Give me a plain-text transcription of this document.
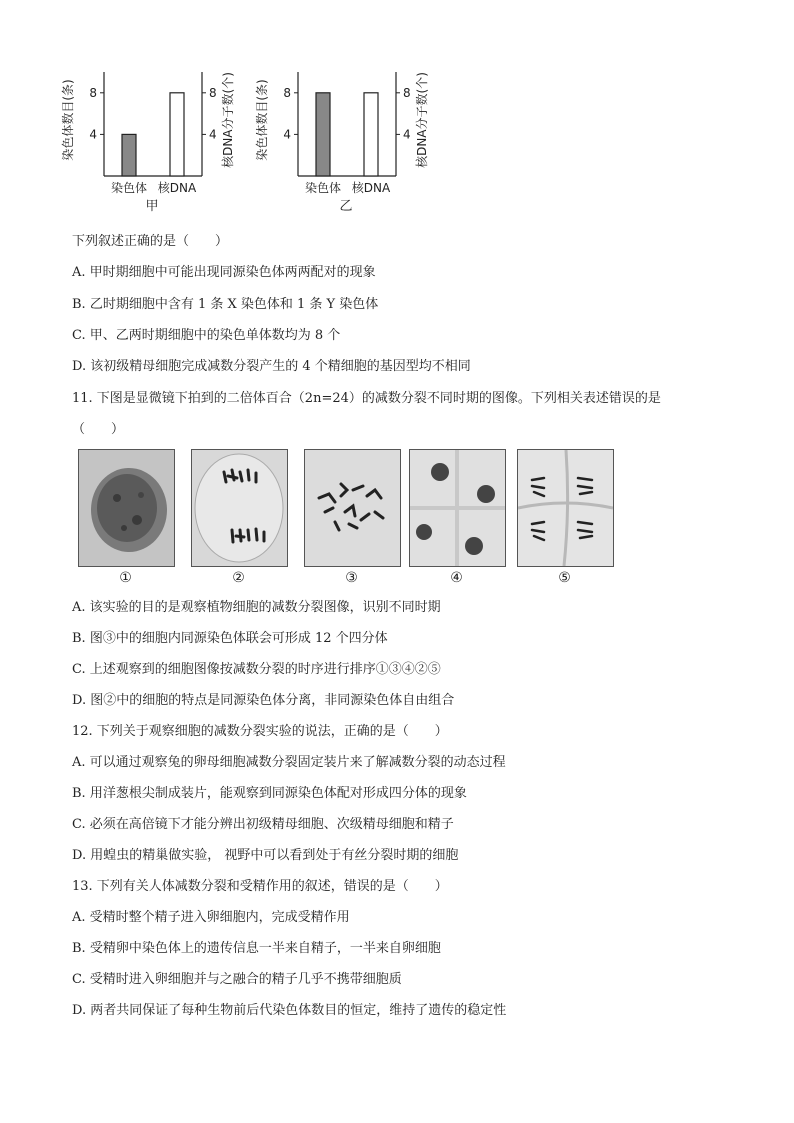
4	4
8	8
染色体数目(条)	核DNA分子数(个)
染色体 核DNA
甲
4	4
8	8
染色体数目(条)	核DNA分子数(个)
染色体 核DNA
乙
下列叙述正确的是（　　）
A. 甲时期细胞中可能出现同源染色体两两配对的现象
B. 乙时期细胞中含有 1 条 X 染色体和 1 条 Y 染色体
C. 甲、乙两时期细胞中的染色单体数均为 8 个
D. 该初级精母细胞完成减数分裂产生的 4 个精细胞的基因型均不相同
11. 下图是显微镜下拍到的二倍体百合（2n=24）的减数分裂不同时期的图像。下列相关表述错误的是
（　　）
①	②	③	④	⑤
A. 该实验的目的是观察植物细胞的减数分裂图像，识别不同时期
B. 图③中的细胞内同源染色体联会可形成 12 个四分体
C. 上述观察到的细胞图像按减数分裂的时序进行排序①③④②⑤
D. 图②中的细胞的特点是同源染色体分离，非同源染色体自由组合
12. 下列关于观察细胞的减数分裂实验的说法，正确的是（　　）
A. 可以通过观察兔的卵母细胞减数分裂固定装片来了解减数分裂的动态过程
B. 用洋葱根尖制成装片，能观察到同源染色体配对形成四分体的现象
C. 必须在高倍镜下才能分辨出初级精母细胞、次级精母细胞和精子
D. 用蝗虫的精巢做实验， 视野中可以看到处于有丝分裂时期的细胞
13. 下列有关人体减数分裂和受精作用的叙述，错误的是（　　）
A. 受精时整个精子进入卵细胞内，完成受精作用
B. 受精卵中染色体上的遗传信息一半来自精子，一半来自卵细胞
C. 受精时进入卵细胞并与之融合的精子几乎不携带细胞质
D. 两者共同保证了每种生物前后代染色体数目的恒定，维持了遗传的稳定性
